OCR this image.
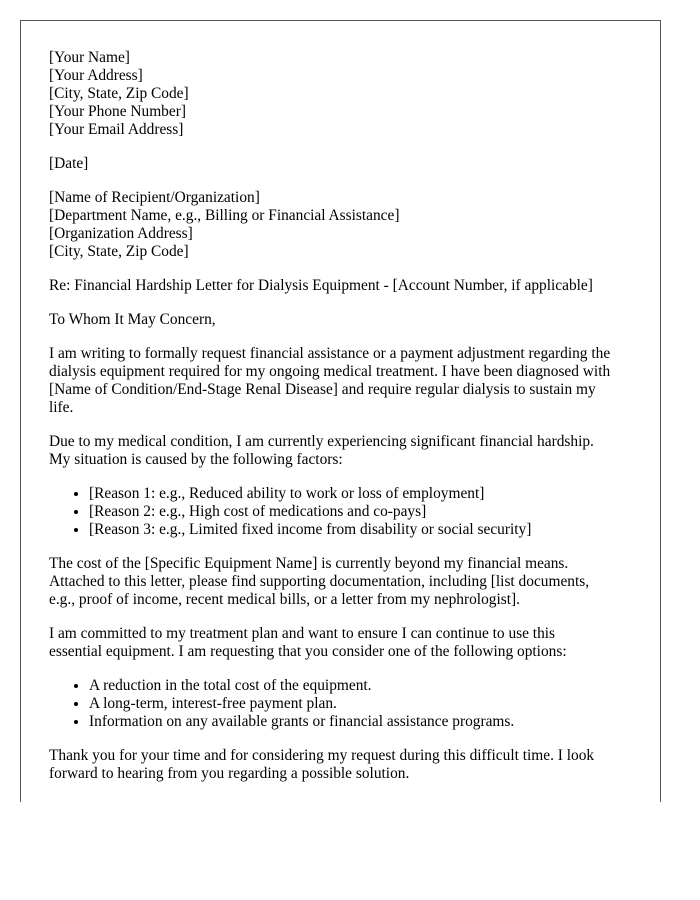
[Your Name]
[Your Address]
[City, State, Zip Code]
[Your Phone Number]
[Your Email Address]
[Date]
[Name of Recipient/Organization]
[Department Name, e.g., Billing or Financial Assistance]
[Organization Address]
[City, State, Zip Code]
Re: Financial Hardship Letter for Dialysis Equipment - [Account Number, if applicable]
To Whom It May Concern,
I am writing to formally request financial assistance or a payment adjustment regarding the
dialysis equipment required for my ongoing medical treatment. I have been diagnosed with
[Name of Condition/End-Stage Renal Disease] and require regular dialysis to sustain my
life.
Due to my medical condition, I am currently experiencing significant financial hardship.
My situation is caused by the following factors:
• [Reason 1: e.g., Reduced ability to work or loss of employment]
• [Reason 2: e.g., High cost of medications and co-pays]
• [Reason 3: e.g., Limited fixed income from disability or social security]
The cost of the [Specific Equipment Name] is currently beyond my financial means.
Attached to this letter, please find supporting documentation, including [list documents,
e.g., proof of income, recent medical bills, or a letter from my nephrologist].
I am committed to my treatment plan and want to ensure I can continue to use this
essential equipment. I am requesting that you consider one of the following options:
• A reduction in the total cost of the equipment.
• A long-term, interest-free payment plan.
• Information on any available grants or financial assistance programs.
Thank you for your time and for considering my request during this difficult time. I look
forward to hearing from you regarding a possible solution.
